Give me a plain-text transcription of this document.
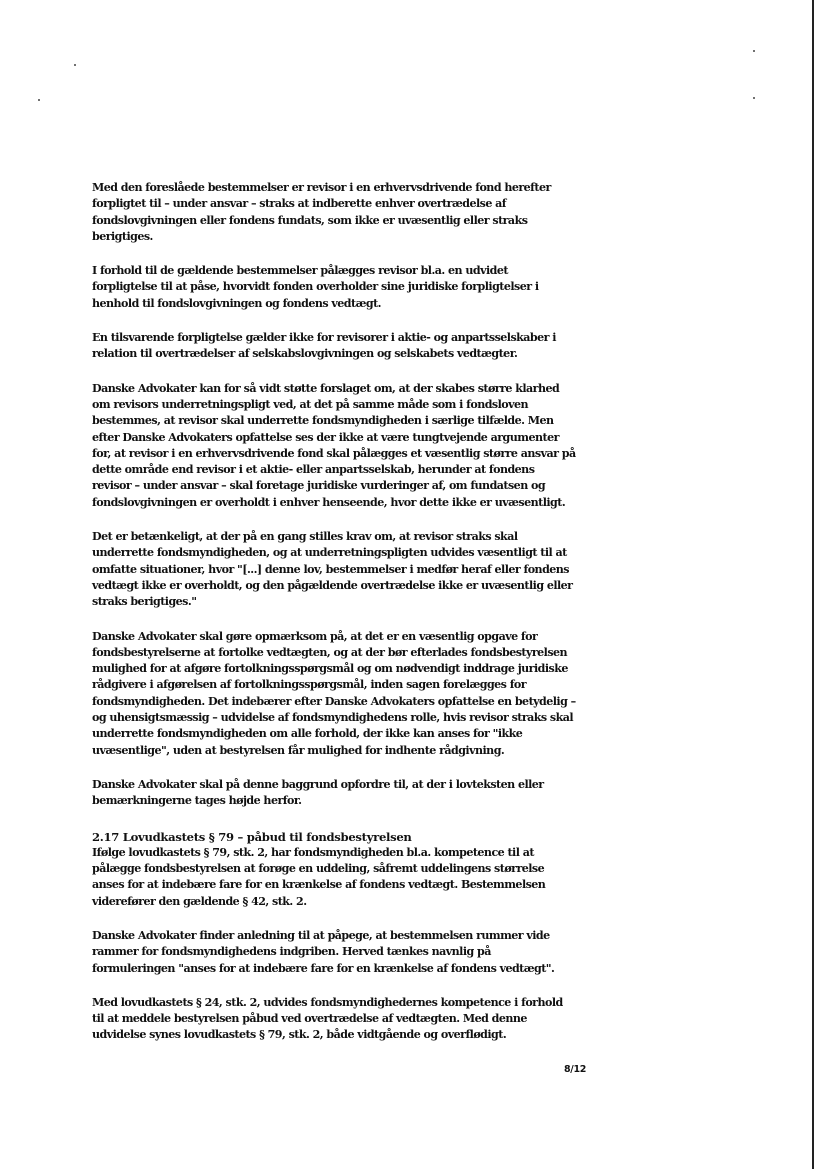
Med den foreslåede bestemmelser er revisor i en erhvervsdrivende fond herefter forpligtet til – under ansvar – straks at indberette enhver overtrædelse af fondslovgivningen eller fondens fundats, som ikke er uvæsentlig eller straks berigtiges.

I forhold til de gældende bestemmelser pålægges revisor bl.a. en udvidet forpligtelse til at påse, hvorvidt fonden overholder sine juridiske forpligtelser i henhold til fondslovgivningen og fondens vedtægt.

En tilsvarende forpligtelse gælder ikke for revisorer i aktie- og anpartsselskaber i relation til overtrædelser af selskabslovgivningen og selskabets vedtægter.

Danske Advokater kan for så vidt støtte forslaget om, at der skabes større klarhed om revisors underretningspligt ved, at det på samme måde som i fondsloven bestemmes, at revisor skal underrette fondsmyndigheden i særlige tilfælde. Men efter Danske Advokaters opfattelse ses der ikke at være tungtvejende argumenter for, at revisor i en erhvervsdrivende fond skal pålægges et væsentlig større ansvar på dette område end revisor i et aktie- eller anpartsselskab, herunder at fondens revisor – under ansvar – skal foretage juridiske vurderinger af, om fundatsen og fondslovgivningen er overholdt i enhver henseende, hvor dette ikke er uvæsentligt.

Det er betænkeligt, at der på en gang stilles krav om, at revisor straks skal underrette fondsmyndigheden, og at underretningspligten udvides væsentligt til at omfatte situationer, hvor "[...] denne lov, bestemmelser i medfør heraf eller fondens vedtægt ikke er overholdt, og den pågældende overtrædelse ikke er uvæsentlig eller straks berigtiges."

Danske Advokater skal gøre opmærksom på, at det er en væsentlig opgave for fondsbestyrelserne at fortolke vedtægten, og at der bør efterlades fondsbestyrelsen mulighed for at afgøre fortolkningsspørgsmål og om nødvendigt inddrage juridiske rådgivere i afgørelsen af fortolkningsspørgsmål, inden sagen forelægges for fondsmyndigheden. Det indebærer efter Danske Advokaters opfattelse en betydelig – og uhensigtsmæssig – udvidelse af fondsmyndighedens rolle, hvis revisor straks skal underrette fondsmyndigheden om alle forhold, der ikke kan anses for "ikke uvæsentlige", uden at bestyrelsen får mulighed for indhente rådgivning.

Danske Advokater skal på denne baggrund opfordre til, at der i lovteksten eller bemærkningerne tages højde herfor.

2.17 Lovudkastets § 79 – påbud til fondsbestyrelsen

Ifølge lovudkastets § 79, stk. 2, har fondsmyndigheden bl.a. kompetence til at pålægge fondsbestyrelsen at forøge en uddeling, såfremt uddelingens størrelse anses for at indebære fare for en krænkelse af fondens vedtægt. Bestemmelsen viderefører den gældende § 42, stk. 2.

Danske Advokater finder anledning til at påpege, at bestemmelsen rummer vide rammer for fondsmyndighedens indgriben. Herved tænkes navnlig på formuleringen "anses for at indebære fare for en krænkelse af fondens vedtægt".

Med lovudkastets § 24, stk. 2, udvides fondsmyndighedernes kompetence i forhold til at meddele bestyrelsen påbud ved overtrædelse af vedtægten. Med denne udvidelse synes lovudkastets § 79, stk. 2, både vidtgående og overflødigt.

8/12
